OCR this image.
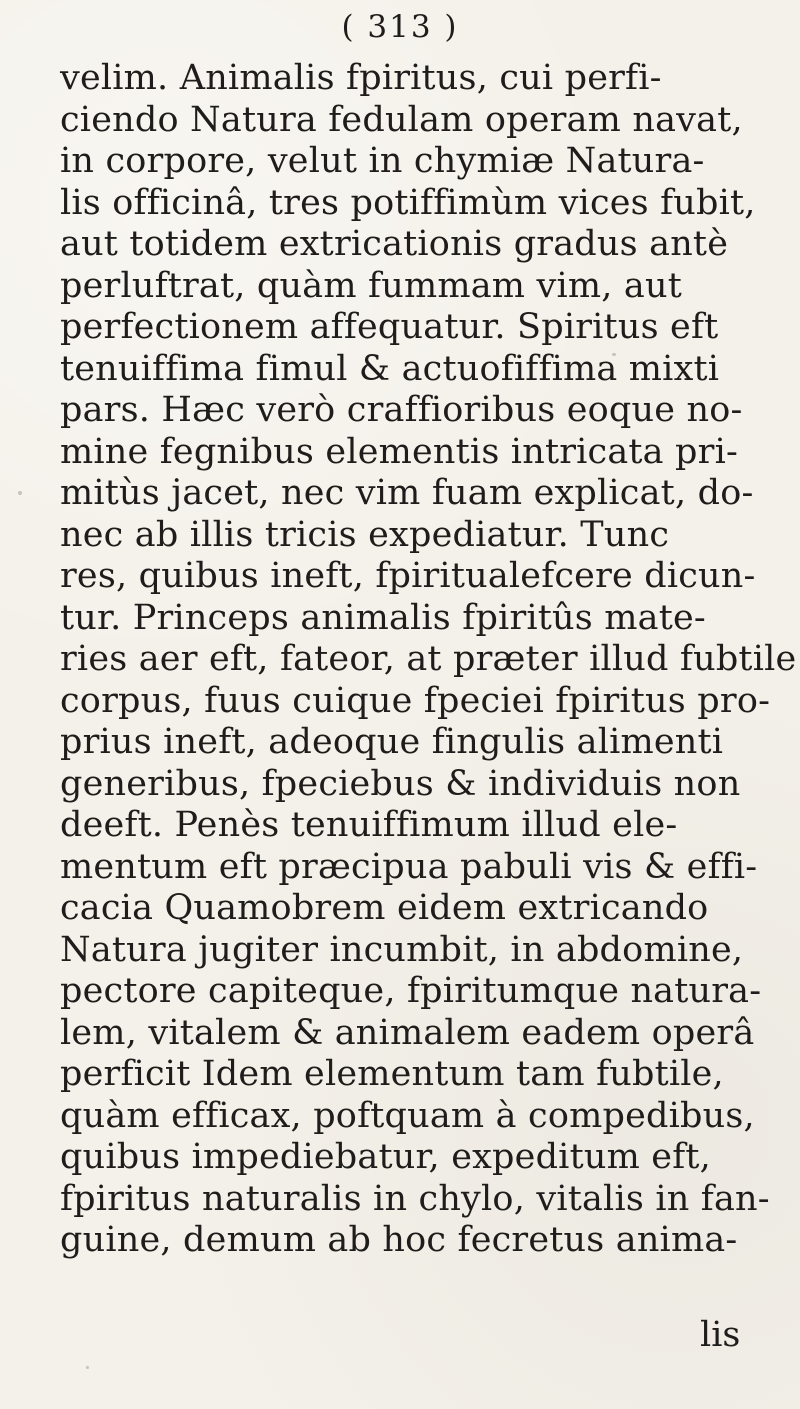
( 313 )
velim. Animalis fpiritus, cui perfi-
ciendo Natura fedulam operam navat,
in corpore, velut in chymiæ Natura-
lis officinâ, tres potiffimùm vices fubit,
aut totidem extricationis gradus antè
perluftrat, quàm fummam vim, aut
perfectionem affequatur. Spiritus eft
tenuiffima fimul & actuofiffima mixti
pars. Hæc verò craffioribus eoque no-
mine fegnibus elementis intricata pri-
mitùs jacet, nec vim fuam explicat, do-
nec ab illis tricis expediatur. Tunc
res, quibus ineft, fpiritualefcere dicun-
tur. Princeps animalis fpiritûs mate-
ries aer eft, fateor, at præter illud fubtile
corpus, fuus cuique fpeciei fpiritus pro-
prius ineft, adeoque fingulis alimenti
generibus, fpeciebus & individuis non
deeft. Penès tenuiffimum illud ele-
mentum eft præcipua pabuli vis & effi-
cacia Quamobrem eidem extricando
Natura jugiter incumbit, in abdomine,
pectore capiteque, fpiritumque natura-
lem, vitalem & animalem eadem operâ
perficit Idem elementum tam fubtile,
quàm efficax, poftquam à compedibus,
quibus impediebatur, expeditum eft,
fpiritus naturalis in chylo, vitalis in fan-
guine, demum ab hoc fecretus anima-
lis
